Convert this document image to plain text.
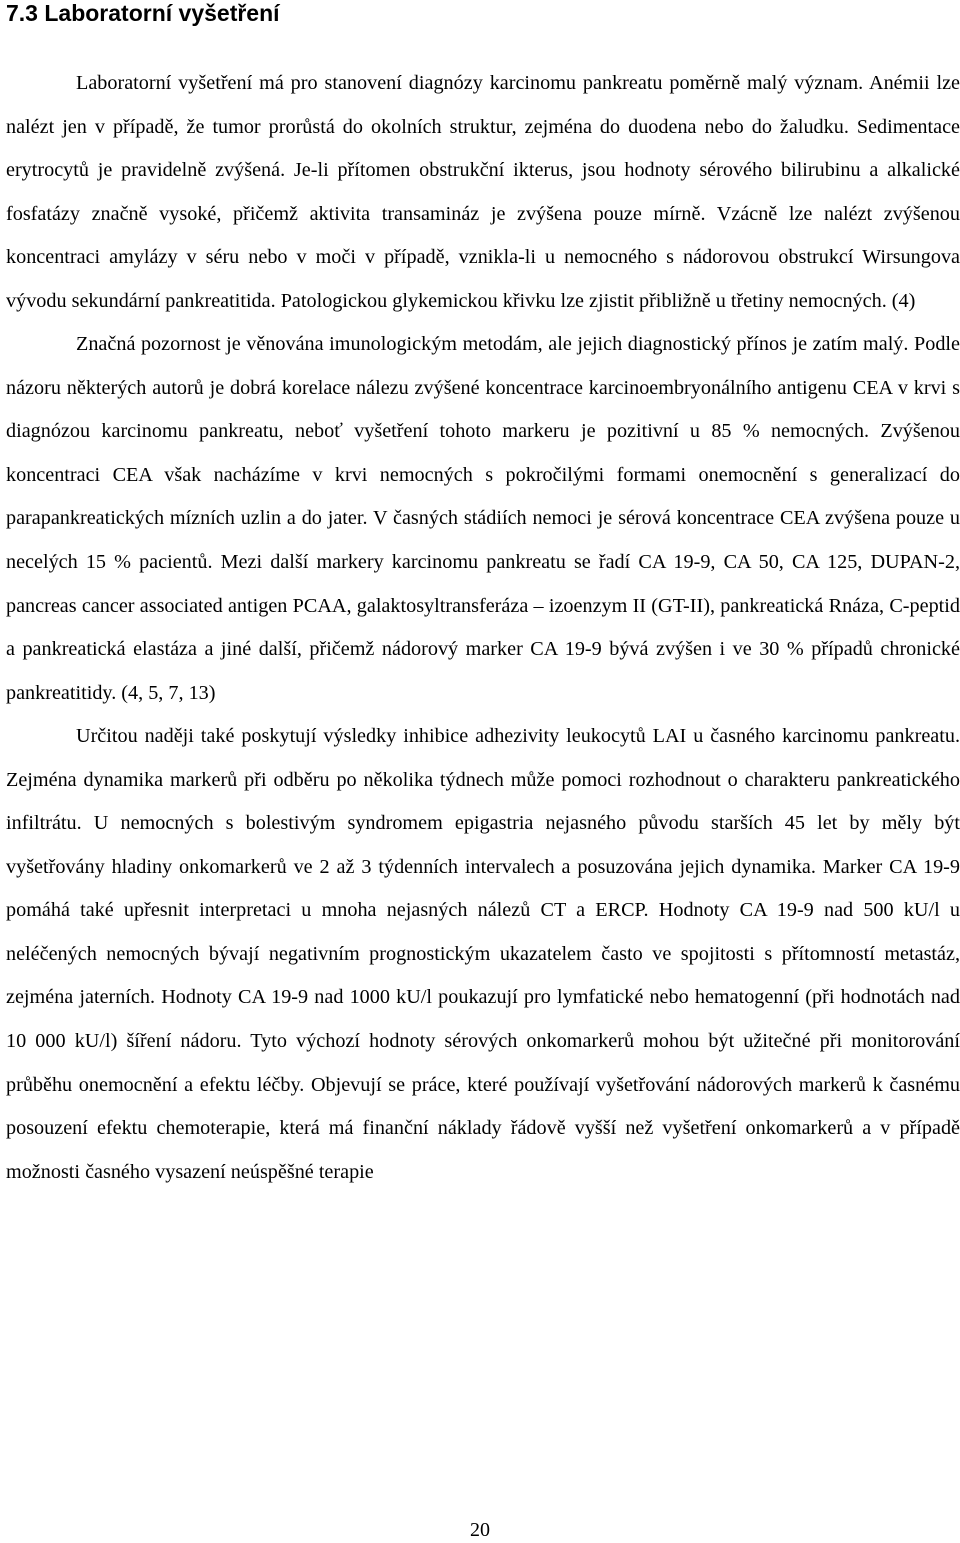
7.3 Laboratorní vyšetření

Laboratorní vyšetření má pro stanovení diagnózy karcinomu pankreatu poměrně malý význam. Anémii lze nalézt jen v případě, že tumor prorůstá do okolních struktur, zejména do duodena nebo do žaludku. Sedimentace erytrocytů je pravidelně zvýšená. Je-li přítomen obstrukční ikterus, jsou hodnoty sérového bilirubinu a alkalické fosfatázy značně vysoké, přičemž aktivita transamináz je zvýšena pouze mírně. Vzácně lze nalézt zvýšenou koncentraci amylázy v séru nebo v moči v případě, vznikla-li u nemocného s nádorovou obstrukcí Wirsungova vývodu sekundární pankreatitida. Patologickou glykemickou křivku lze zjistit přibližně u třetiny nemocných. (4)

Značná pozornost je věnována imunologickým metodám, ale jejich diagnostický přínos je zatím malý. Podle názoru některých autorů je dobrá korelace nálezu zvýšené koncentrace karcinoembryonálního antigenu CEA v krvi s diagnózou karcinomu pankreatu, neboť vyšetření tohoto markeru je pozitivní u 85 % nemocných. Zvýšenou koncentraci CEA však nacházíme v krvi nemocných s pokročilými formami onemocnění s generalizací do parapankreatických mízních uzlin a do jater. V časných stádiích nemoci je sérová koncentrace CEA zvýšena pouze u necelých 15 % pacientů. Mezi další markery karcinomu pankreatu se řadí CA 19-9, CA 50, CA 125, DUPAN-2, pancreas cancer associated antigen PCAA, galaktosyltransferáza – izoenzym II (GT-II), pankreatická Rnáza, C-peptid a pankreatická elastáza a jiné další, přičemž nádorový marker CA 19-9 bývá zvýšen i ve 30 % případů chronické pankreatitidy. (4, 5, 7, 13)

Určitou naději také poskytují výsledky inhibice adhezivity leukocytů LAI u časného karcinomu pankreatu. Zejména dynamika markerů při odběru po několika týdnech může pomoci rozhodnout o charakteru pankreatického infiltrátu. U nemocných s bolestivým syndromem epigastria nejasného původu starších 45 let by měly být vyšetřovány hladiny onkomarkerů ve 2 až 3 týdenních intervalech a posuzována jejich dynamika. Marker CA 19-9 pomáhá také upřesnit interpretaci u mnoha nejasných nálezů CT a ERCP. Hodnoty CA 19-9 nad 500 kU/l u neléčených nemocných bývají negativním prognostickým ukazatelem často ve spojitosti s přítomností metastáz, zejména jaterních. Hodnoty CA 19-9 nad 1000 kU/l poukazují pro lymfatické nebo hematogenní (při hodnotách nad 10 000 kU/l) šíření nádoru. Tyto výchozí hodnoty sérových onkomarkerů mohou být užitečné při monitorování průběhu onemocnění a efektu léčby. Objevují se práce, které používají vyšetřování nádorových markerů k časnému posouzení efektu chemoterapie, která má finanční náklady řádově vyšší než vyšetření onkomarkerů a v případě možnosti časného vysazení neúspěšné terapie

20
